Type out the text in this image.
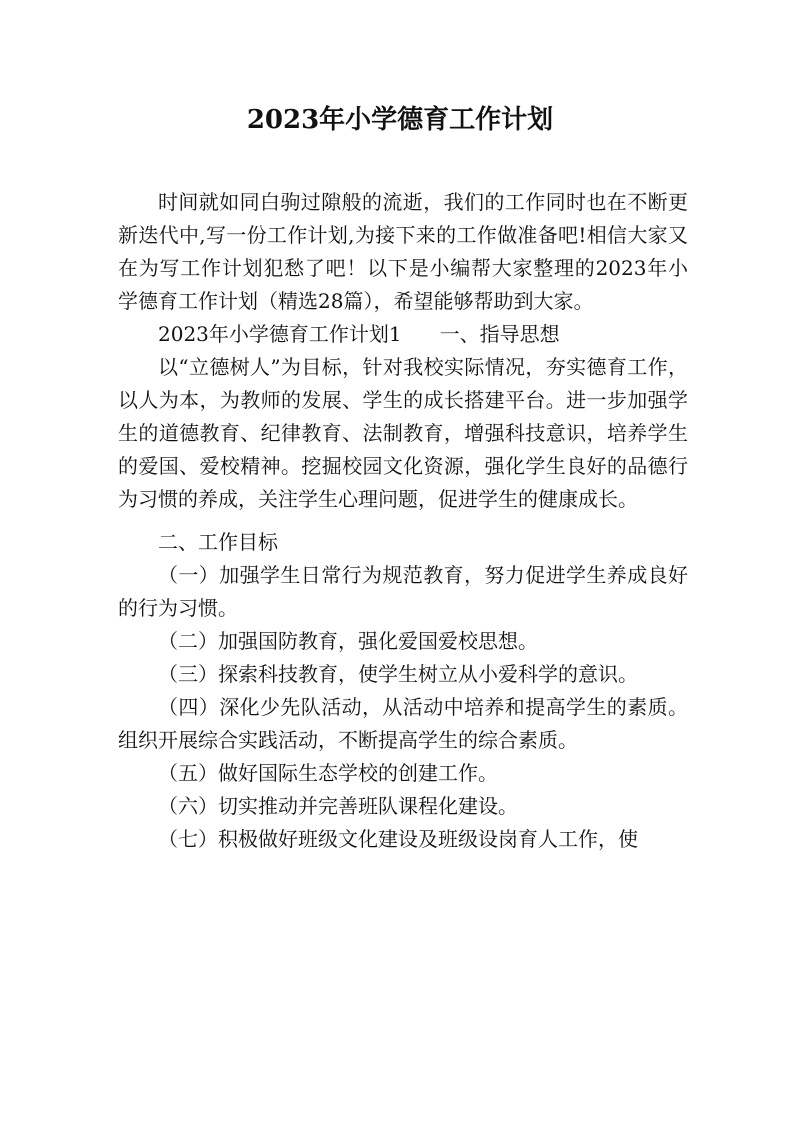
2023年小学德育工作计划

时间就如同白驹过隙般的流逝，我们的工作同时也在不断更新迭代中,写一份工作计划,为接下来的工作做准备吧!相信大家又在为写工作计划犯愁了吧！以下是小编帮大家整理的2023年小学德育工作计划（精选28篇），希望能够帮助到大家。

2023年小学德育工作计划1 一、指导思想

以“立德树人”为目标，针对我校实际情况，夯实德育工作，以人为本，为教师的发展、学生的成长搭建平台。进一步加强学生的道德教育、纪律教育、法制教育，增强科技意识，培养学生的爱国、爱校精神。挖掘校园文化资源，强化学生良好的品德行为习惯的养成，关注学生心理问题，促进学生的健康成长。

二、工作目标

（一）加强学生日常行为规范教育，努力促进学生养成良好的行为习惯。

（二）加强国防教育，强化爱国爱校思想。

（三）探索科技教育，使学生树立从小爱科学的意识。

（四）深化少先队活动，从活动中培养和提高学生的素质。组织开展综合实践活动，不断提高学生的综合素质。

（五）做好国际生态学校的创建工作。

（六）切实推动并完善班队课程化建设。

（七）积极做好班级文化建设及班级设岗育人工作，使
